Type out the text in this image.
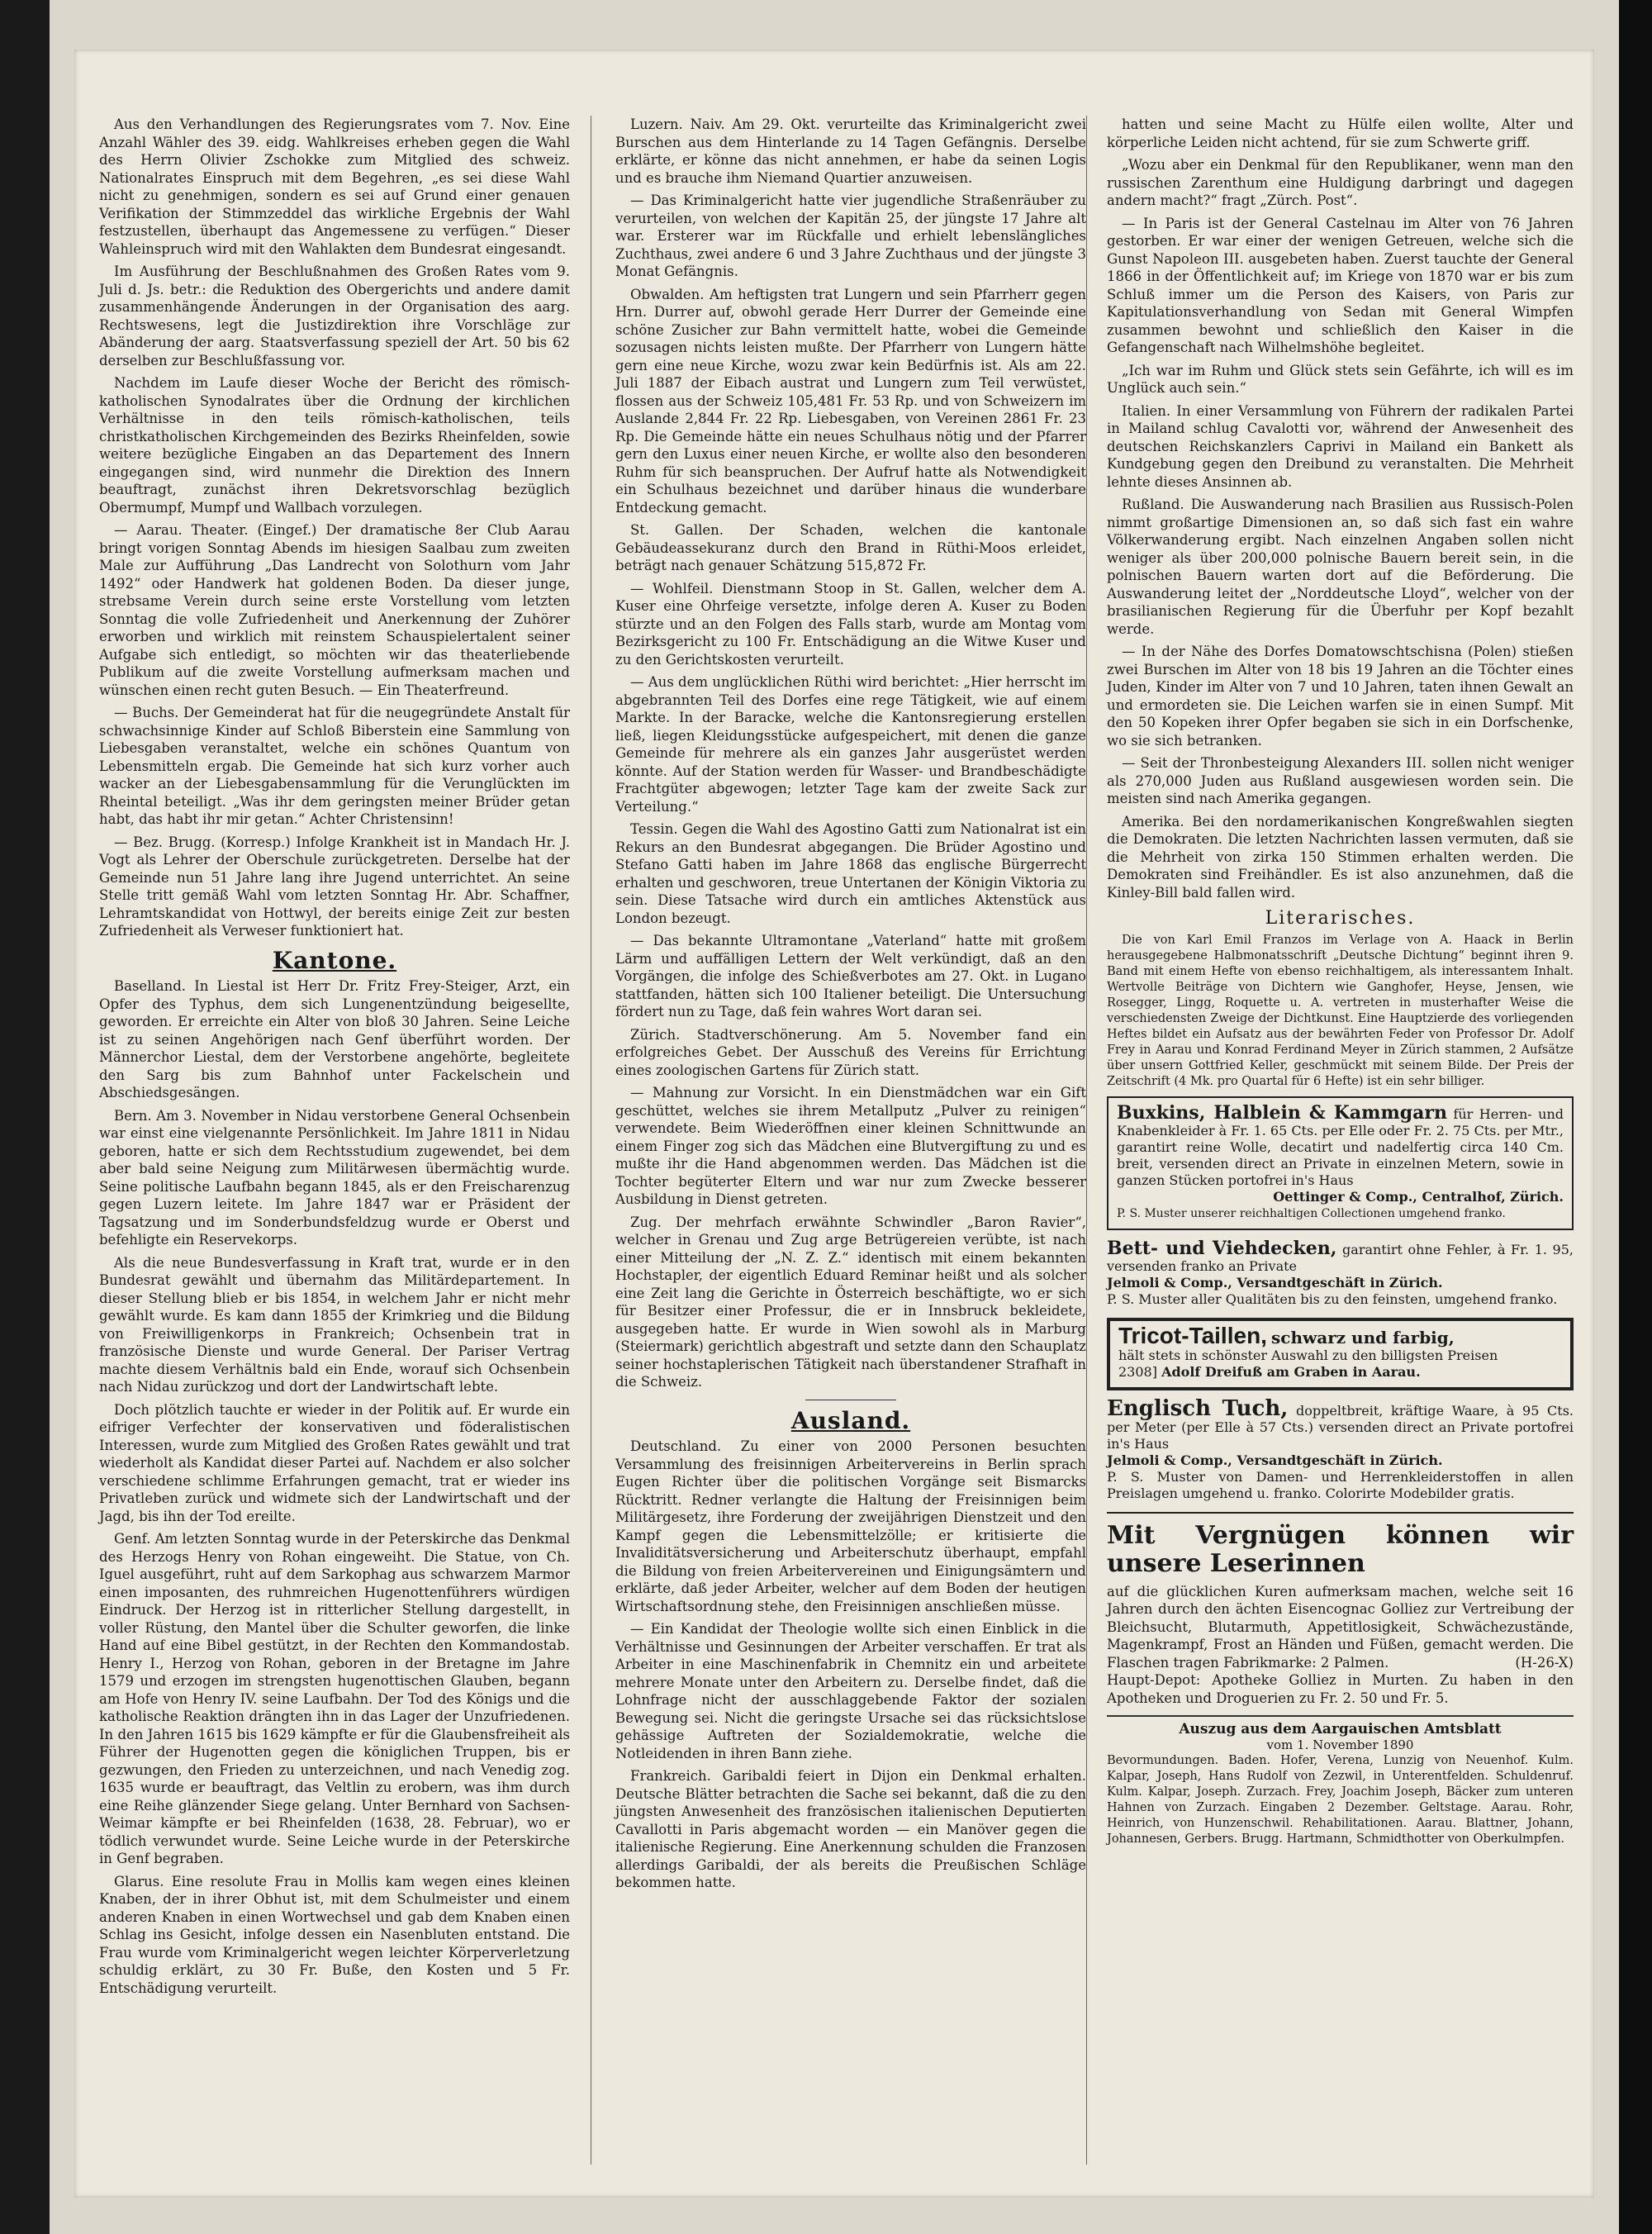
Aus den Verhandlungen des Regierungsrates vom 7. Nov. Eine Anzahl Wähler des 39. eidg. Wahlkreises erheben gegen die Wahl des Herrn Olivier Zschokke zum Mitglied des schweiz. Nationalrates Einspruch mit dem Begehren, „es sei diese Wahl nicht zu genehmigen, sondern es sei auf Grund einer genauen Verifikation der Stimmzeddel das wirkliche Ergebnis der Wahl festzustellen, überhaupt das Angemessene zu verfügen.“ Dieser Wahleinspruch wird mit den Wahlakten dem Bundesrat eingesandt.

Im Ausführung der Beschlußnahmen des Großen Rates vom 9. Juli d. Js. betr.: die Reduktion des Obergerichts und andere damit zusammenhängende Änderungen in der Organisation des aarg. Rechtswesens, legt die Justizdirektion ihre Vorschläge zur Abänderung der aarg. Staatsverfassung speziell der Art. 50 bis 62 derselben zur Beschlußfassung vor.

Nachdem im Laufe dieser Woche der Bericht des römisch-katholischen Synodalrates über die Ordnung der kirchlichen Verhältnisse in den teils römisch-katholischen, teils christkatholischen Kirchgemeinden des Bezirks Rheinfelden, sowie weitere bezügliche Eingaben an das Departement des Innern eingegangen sind, wird nunmehr die Direktion des Innern beauftragt, zunächst ihren Dekretsvorschlag bezüglich Obermumpf, Mumpf und Wallbach vorzulegen.

— Aarau. Theater. (Eingef.) Der dramatische 8er Club Aarau bringt vorigen Sonntag Abends im hiesigen Saalbau zum zweiten Male zur Aufführung „Das Landrecht von Solothurn vom Jahr 1492“ oder Handwerk hat goldenen Boden. Da dieser junge, strebsame Verein durch seine erste Vorstellung vom letzten Sonntag die volle Zufriedenheit und Anerkennung der Zuhörer erworben und wirklich mit reinstem Schauspielertalent seiner Aufgabe sich entledigt, so möchten wir das theaterliebende Publikum auf die zweite Vorstellung aufmerksam machen und wünschen einen recht guten Besuch. — Ein Theaterfreund.

— Buchs. Der Gemeinderat hat für die neugegründete Anstalt für schwachsinnige Kinder auf Schloß Biberstein eine Sammlung von Liebesgaben veranstaltet, welche ein schönes Quantum von Lebensmitteln ergab. Die Gemeinde hat sich kurz vorher auch wacker an der Liebesgabensammlung für die Verunglückten im Rheintal beteiligt. „Was ihr dem geringsten meiner Brüder getan habt, das habt ihr mir getan.“ Achter Christensinn!

— Bez. Brugg. (Korresp.) Infolge Krankheit ist in Mandach Hr. J. Vogt als Lehrer der Oberschule zurückgetreten. Derselbe hat der Gemeinde nun 51 Jahre lang ihre Jugend unterrichtet. An seine Stelle tritt gemäß Wahl vom letzten Sonntag Hr. Abr. Schaffner, Lehramtskandidat von Hottwyl, der bereits einige Zeit zur besten Zufriedenheit als Verweser funktioniert hat.

Kantone.

Baselland. In Liestal ist Herr Dr. Fritz Frey-Steiger, Arzt, ein Opfer des Typhus, dem sich Lungenentzündung beigesellte, geworden. Er erreichte ein Alter von bloß 30 Jahren. Seine Leiche ist zu seinen Angehörigen nach Genf überführt worden. Der Männerchor Liestal, dem der Verstorbene angehörte, begleitete den Sarg bis zum Bahnhof unter Fackelschein und Abschiedsgesängen.

Bern. Am 3. November in Nidau verstorbene General Ochsenbein war einst eine vielgenannte Persönlichkeit. Im Jahre 1811 in Nidau geboren, hatte er sich dem Rechtsstudium zugewendet, bei dem aber bald seine Neigung zum Militärwesen übermächtig wurde. Seine politische Laufbahn begann 1845, als er den Freischarenzug gegen Luzern leitete. Im Jahre 1847 war er Präsident der Tagsatzung und im Sonderbundsfeldzug wurde er Oberst und befehligte ein Reservekorps.

Als die neue Bundesverfassung in Kraft trat, wurde er in den Bundesrat gewählt und übernahm das Militärdepartement. In dieser Stellung blieb er bis 1854, in welchem Jahr er nicht mehr gewählt wurde. Es kam dann 1855 der Krimkrieg und die Bildung von Freiwilligenkorps in Frankreich; Ochsenbein trat in französische Dienste und wurde General. Der Pariser Vertrag machte diesem Verhältnis bald ein Ende, worauf sich Ochsenbein nach Nidau zurückzog und dort der Landwirtschaft lebte.

Doch plötzlich tauchte er wieder in der Politik auf. Er wurde ein eifriger Verfechter der konservativen und föderalistischen Interessen, wurde zum Mitglied des Großen Rates gewählt und trat wiederholt als Kandidat dieser Partei auf. Nachdem er also solcher verschiedene schlimme Erfahrungen gemacht, trat er wieder ins Privatleben zurück und widmete sich der Landwirtschaft und der Jagd, bis ihn der Tod ereilte.

Genf. Am letzten Sonntag wurde in der Peterskirche das Denkmal des Herzogs Henry von Rohan eingeweiht. Die Statue, von Ch. Iguel ausgeführt, ruht auf dem Sarkophag aus schwarzem Marmor einen imposanten, des ruhmreichen Hugenottenführers würdigen Eindruck. Der Herzog ist in ritterlicher Stellung dargestellt, in voller Rüstung, den Mantel über die Schulter geworfen, die linke Hand auf eine Bibel gestützt, in der Rechten den Kommandostab. Henry I., Herzog von Rohan, geboren in der Bretagne im Jahre 1579 und erzogen im strengsten hugenottischen Glauben, begann am Hofe von Henry IV. seine Laufbahn. Der Tod des Königs und die katholische Reaktion drängten ihn in das Lager der Unzufriedenen. In den Jahren 1615 bis 1629 kämpfte er für die Glaubensfreiheit als Führer der Hugenotten gegen die königlichen Truppen, bis er gezwungen, den Frieden zu unterzeichnen, und nach Venedig zog. 1635 wurde er beauftragt, das Veltlin zu erobern, was ihm durch eine Reihe glänzender Siege gelang. Unter Bernhard von Sachsen-Weimar kämpfte er bei Rheinfelden (1638, 28. Februar), wo er tödlich verwundet wurde. Seine Leiche wurde in der Peterskirche in Genf begraben.

Glarus. Eine resolute Frau in Mollis kam wegen eines kleinen Knaben, der in ihrer Obhut ist, mit dem Schulmeister und einem anderen Knaben in einen Wortwechsel und gab dem Knaben einen Schlag ins Gesicht, infolge dessen ein Nasenbluten entstand. Die Frau wurde vom Kriminalgericht wegen leichter Körperverletzung schuldig erklärt, zu 30 Fr. Buße, den Kosten und 5 Fr. Entschädigung verurteilt.

Luzern. Naiv. Am 29. Okt. verurteilte das Kriminalgericht zwei Burschen aus dem Hinterlande zu 14 Tagen Gefängnis. Derselbe erklärte, er könne das nicht annehmen, er habe da seinen Logis und es brauche ihm Niemand Quartier anzuweisen.

— Das Kriminalgericht hatte vier jugendliche Straßenräuber zu verurteilen, von welchen der Kapitän 25, der jüngste 17 Jahre alt war. Ersterer war im Rückfalle und erhielt lebenslängliches Zuchthaus, zwei andere 6 und 3 Jahre Zuchthaus und der jüngste 3 Monat Gefängnis.

Obwalden. Am heftigsten trat Lungern und sein Pfarrherr gegen Hrn. Durrer auf, obwohl gerade Herr Durrer der Gemeinde eine schöne Zusicher zur Bahn vermittelt hatte, wobei die Gemeinde sozusagen nichts leisten mußte. Der Pfarrherr von Lungern hätte gern eine neue Kirche, wozu zwar kein Bedürfnis ist. Als am 22. Juli 1887 der Eibach austrat und Lungern zum Teil verwüstet, flossen aus der Schweiz 105,481 Fr. 53 Rp. und von Schweizern im Auslande 2,844 Fr. 22 Rp. Liebesgaben, von Vereinen 2861 Fr. 23 Rp. Die Gemeinde hätte ein neues Schulhaus nötig und der Pfarrer gern den Luxus einer neuen Kirche, er wollte also den besonderen Ruhm für sich beanspruchen. Der Aufruf hatte als Notwendigkeit ein Schulhaus bezeichnet und darüber hinaus die wunderbare Entdeckung gemacht.

St. Gallen. Der Schaden, welchen die kantonale Gebäudeassekuranz durch den Brand in Rüthi-Moos erleidet, beträgt nach genauer Schätzung 515,872 Fr.

— Wohlfeil. Dienstmann Stoop in St. Gallen, welcher dem A. Kuser eine Ohrfeige versetzte, infolge deren A. Kuser zu Boden stürzte und an den Folgen des Falls starb, wurde am Montag vom Bezirksgericht zu 100 Fr. Entschädigung an die Witwe Kuser und zu den Gerichtskosten verurteilt.

— Aus dem unglücklichen Rüthi wird berichtet: „Hier herrscht im abgebrannten Teil des Dorfes eine rege Tätigkeit, wie auf einem Markte. In der Baracke, welche die Kantonsregierung erstellen ließ, liegen Kleidungsstücke aufgespeichert, mit denen die ganze Gemeinde für mehrere als ein ganzes Jahr ausgerüstet werden könnte. Auf der Station werden für Wasser- und Brandbeschädigte Frachtgüter abgewogen; letzter Tage kam der zweite Sack zur Verteilung.“

Tessin. Gegen die Wahl des Agostino Gatti zum Nationalrat ist ein Rekurs an den Bundesrat abgegangen. Die Brüder Agostino und Stefano Gatti haben im Jahre 1868 das englische Bürgerrecht erhalten und geschworen, treue Untertanen der Königin Viktoria zu sein. Diese Tatsache wird durch ein amtliches Aktenstück aus London bezeugt.

— Das bekannte Ultramontane „Vaterland“ hatte mit großem Lärm und auffälligen Lettern der Welt verkündigt, daß an den Vorgängen, die infolge des Schießverbotes am 27. Okt. in Lugano stattfanden, hätten sich 100 Italiener beteiligt. Die Untersuchung fördert nun zu Tage, daß fein wahres Wort daran sei.

Zürich. Stadtverschönerung. Am 5. November fand ein erfolgreiches Gebet. Der Ausschuß des Vereins für Errichtung eines zoologischen Gartens für Zürich statt.

— Mahnung zur Vorsicht. In ein Dienstmädchen war ein Gift geschüttet, welches sie ihrem Metallputz „Pulver zu reinigen“ verwendete. Beim Wiederöffnen einer kleinen Schnittwunde an einem Finger zog sich das Mädchen eine Blutvergiftung zu und es mußte ihr die Hand abgenommen werden. Das Mädchen ist die Tochter begüterter Eltern und war nur zum Zwecke besserer Ausbildung in Dienst getreten.

Zug. Der mehrfach erwähnte Schwindler „Baron Ravier“, welcher in Grenau und Zug arge Betrügereien verübte, ist nach einer Mitteilung der „N. Z. Z.“ identisch mit einem bekannten Hochstapler, der eigentlich Eduard Reminar heißt und als solcher eine Zeit lang die Gerichte in Österreich beschäftigte, wo er sich für Besitzer einer Professur, die er in Innsbruck bekleidete, ausgegeben hatte. Er wurde in Wien sowohl als in Marburg (Steiermark) gerichtlich abgestraft und setzte dann den Schauplatz seiner hochstaplerischen Tätigkeit nach überstandener Strafhaft in die Schweiz.

Ausland.

Deutschland. Zu einer von 2000 Personen besuchten Versammlung des freisinnigen Arbeitervereins in Berlin sprach Eugen Richter über die politischen Vorgänge seit Bismarcks Rücktritt. Redner verlangte die Haltung der Freisinnigen beim Militärgesetz, ihre Forderung der zweijährigen Dienstzeit und den Kampf gegen die Lebensmittelzölle; er kritisierte die Invaliditätsversicherung und Arbeiterschutz überhaupt, empfahl die Bildung von freien Arbeitervereinen und Einigungsämtern und erklärte, daß jeder Arbeiter, welcher auf dem Boden der heutigen Wirtschaftsordnung stehe, den Freisinnigen anschließen müsse.

— Ein Kandidat der Theologie wollte sich einen Einblick in die Verhältnisse und Gesinnungen der Arbeiter verschaffen. Er trat als Arbeiter in eine Maschinenfabrik in Chemnitz ein und arbeitete mehrere Monate unter den Arbeitern zu. Derselbe findet, daß die Lohnfrage nicht der ausschlaggebende Faktor der sozialen Bewegung sei. Nicht die geringste Ursache sei das rücksichtslose gehässige Auftreten der Sozialdemokratie, welche die Notleidenden in ihren Bann ziehe.

Frankreich. Garibaldi feiert in Dijon ein Denkmal erhalten. Deutsche Blätter betrachten die Sache sei bekannt, daß die zu den jüngsten Anwesenheit des französischen italienischen Deputierten Cavallotti in Paris abgemacht worden — ein Manöver gegen die italienische Regierung. Eine Anerkennung schulden die Franzosen allerdings Garibaldi, der als bereits die Preußischen Schläge bekommen hatte.

hatten und seine Macht zu Hülfe eilen wollte, Alter und körperliche Leiden nicht achtend, für sie zum Schwerte griff.

„Wozu aber ein Denkmal für den Republikaner, wenn man den russischen Zarenthum eine Huldigung darbringt und dagegen andern macht?“ fragt „Zürch. Post“.

— In Paris ist der General Castelnau im Alter von 76 Jahren gestorben. Er war einer der wenigen Getreuen, welche sich die Gunst Napoleon III. ausgebeten haben. Zuerst tauchte der General 1866 in der Öffentlichkeit auf; im Kriege von 1870 war er bis zum Schluß immer um die Person des Kaisers, von Paris zur Kapitulationsverhandlung von Sedan mit General Wimpfen zusammen bewohnt und schließlich den Kaiser in die Gefangenschaft nach Wilhelmshöhe begleitet.

„Ich war im Ruhm und Glück stets sein Gefährte, ich will es im Unglück auch sein.“

Italien. In einer Versammlung von Führern der radikalen Partei in Mailand schlug Cavalotti vor, während der Anwesenheit des deutschen Reichskanzlers Caprivi in Mailand ein Bankett als Kundgebung gegen den Dreibund zu veranstalten. Die Mehrheit lehnte dieses Ansinnen ab.

Rußland. Die Auswanderung nach Brasilien aus Russisch-Polen nimmt großartige Dimensionen an, so daß sich fast ein wahre Völkerwanderung ergibt. Nach einzelnen Angaben sollen nicht weniger als über 200,000 polnische Bauern bereit sein, in die polnischen Bauern warten dort auf die Beförderung. Die Auswanderung leitet der „Norddeutsche Lloyd“, welcher von der brasilianischen Regierung für die Überfuhr per Kopf bezahlt werde.

— In der Nähe des Dorfes Domatowschtschisna (Polen) stießen zwei Burschen im Alter von 18 bis 19 Jahren an die Töchter eines Juden, Kinder im Alter von 7 und 10 Jahren, taten ihnen Gewalt an und ermordeten sie. Die Leichen warfen sie in einen Sumpf. Mit den 50 Kopeken ihrer Opfer begaben sie sich in ein Dorfschenke, wo sie sich betranken.

— Seit der Thronbesteigung Alexanders III. sollen nicht weniger als 270,000 Juden aus Rußland ausgewiesen worden sein. Die meisten sind nach Amerika gegangen.

Amerika. Bei den nordamerikanischen Kongreßwahlen siegten die Demokraten. Die letzten Nachrichten lassen vermuten, daß sie die Mehrheit von zirka 150 Stimmen erhalten werden. Die Demokraten sind Freihändler. Es ist also anzunehmen, daß die Kinley-Bill bald fallen wird.

Literarisches.

Die von Karl Emil Franzos im Verlage von A. Haack in Berlin herausgegebene Halbmonatsschrift „Deutsche Dichtung“ beginnt ihren 9. Band mit einem Hefte von ebenso reichhaltigem, als interessantem Inhalt. Wertvolle Beiträge von Dichtern wie Ganghofer, Heyse, Jensen, wie Rosegger, Lingg, Roquette u. A. vertreten in musterhafter Weise die verschiedensten Zweige der Dichtkunst. Eine Hauptzierde des vorliegenden Heftes bildet ein Aufsatz aus der bewährten Feder von Professor Dr. Adolf Frey in Aarau und Konrad Ferdinand Meyer in Zürich stammen, 2 Aufsätze über unsern Gottfried Keller, geschmückt mit seinem Bilde. Der Preis der Zeitschrift (4 Mk. pro Quartal für 6 Hefte) ist ein sehr billiger.

Buxkins, Halblein & Kammgarn für Herren- und Knabenkleider à Fr. 1. 65 Cts. per Elle oder Fr. 2. 75 Cts. per Mtr., garantirt reine Wolle, decatirt und nadelfertig circa 140 Cm. breit, versenden direct an Private in einzelnen Metern, sowie in ganzen Stücken portofrei in's Haus
Oettinger & Comp., Centralhof, Zürich.
P. S. Muster unserer reichhaltigen Collectionen umgehend franko.
Bett- und Viehdecken, garantirt ohne Fehler, à Fr. 1. 95, versenden franko an Private
Jelmoli & Comp., Versandtgeschäft in Zürich.
P. S. Muster aller Qualitäten bis zu den feinsten, umgehend franko.
Tricot-Taillen, schwarz und farbig,
hält stets in schönster Auswahl zu den billigsten Preisen
2308] Adolf Dreifuß am Graben in Aarau.
Englisch Tuch, doppeltbreit, kräftige Waare, à 95 Cts. per Meter (per Elle à 57 Cts.) versenden direct an Private portofrei in's Haus
Jelmoli & Comp., Versandtgeschäft in Zürich.
P. S. Muster von Damen- und Herrenkleiderstoffen in allen Preislagen umgehend u. franko. Colorirte Modebilder gratis.
Mit Vergnügen können wir unsere Leserinnen
auf die glücklichen Kuren aufmerksam machen, welche seit 16 Jahren durch den ächten Eisencognac Golliez zur Vertreibung der Bleichsucht, Blutarmuth, Appetitlosigkeit, Schwächezustände, Magenkrampf, Frost an Händen und Füßen, gemacht werden. Die Flaschen tragen Fabrikmarke: 2 Palmen.	(H-26-X)
Haupt-Depot: Apotheke Golliez in Murten. Zu haben in den Apotheken und Droguerien zu Fr. 2. 50 und Fr. 5.
Auszug aus dem Aargauischen Amtsblatt
vom 1. November 1890
Bevormundungen. Baden. Hofer, Verena, Lunzig von Neuenhof. Kulm. Kalpar, Joseph, Hans Rudolf von Zezwil, in Unterentfelden. Schuldenruf. Kulm. Kalpar, Joseph. Zurzach. Frey, Joachim Joseph, Bäcker zum unteren Hahnen von Zurzach. Eingaben 2 Dezember. Geltstage. Aarau. Rohr, Heinrich, von Hunzenschwil. Rehabilitationen. Aarau. Blattner, Johann, Johannesen, Gerbers. Brugg. Hartmann, Schmidthotter von Oberkulmpfen.
